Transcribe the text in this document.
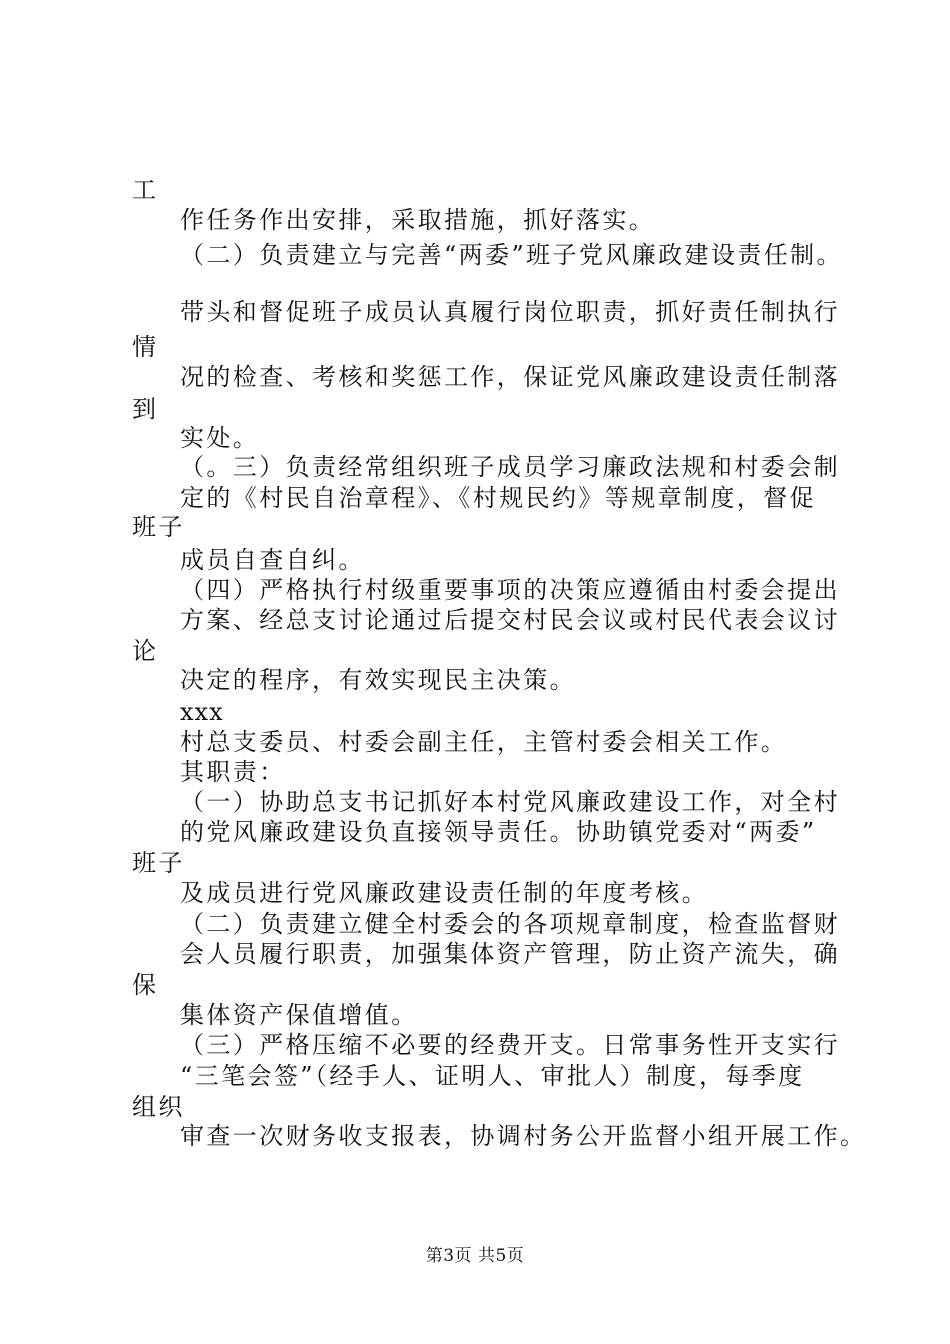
工
作任务作出安排，采取措施，抓好落实。
（二）负责建立与完善“两委”班子党风廉政建设责任制。
带头和督促班子成员认真履行岗位职责，抓好责任制执行
情
况的检查、考核和奖惩工作，保证党风廉政建设责任制落
到
实处。
（。三）负责经常组织班子成员学习廉政法规和村委会制
定的《村民自治章程》、《村规民约》等规章制度，督促
班子
成员自查自纠。
（四）严格执行村级重要事项的决策应遵循由村委会提出
方案、经总支讨论通过后提交村民会议或村民代表会议讨
论
决定的程序，有效实现民主决策。
xxx
村总支委员、村委会副主任，主管村委会相关工作。
其职责：
（一）协助总支书记抓好本村党风廉政建设工作，对全村
的党风廉政建设负直接领导责任。协助镇党委对“两委”
班子
及成员进行党风廉政建设责任制的年度考核。
（二）负责建立健全村委会的各项规章制度，检查监督财
会人员履行职责，加强集体资产管理，防止资产流失，确
保
集体资产保值增值。
（三）严格压缩不必要的经费开支。日常事务性开支实行
“三笔会签”（经手人、证明人、审批人）制度，每季度
组织
审查一次财务收支报表，协调村务公开监督小组开展工作。
第3页 共5页
